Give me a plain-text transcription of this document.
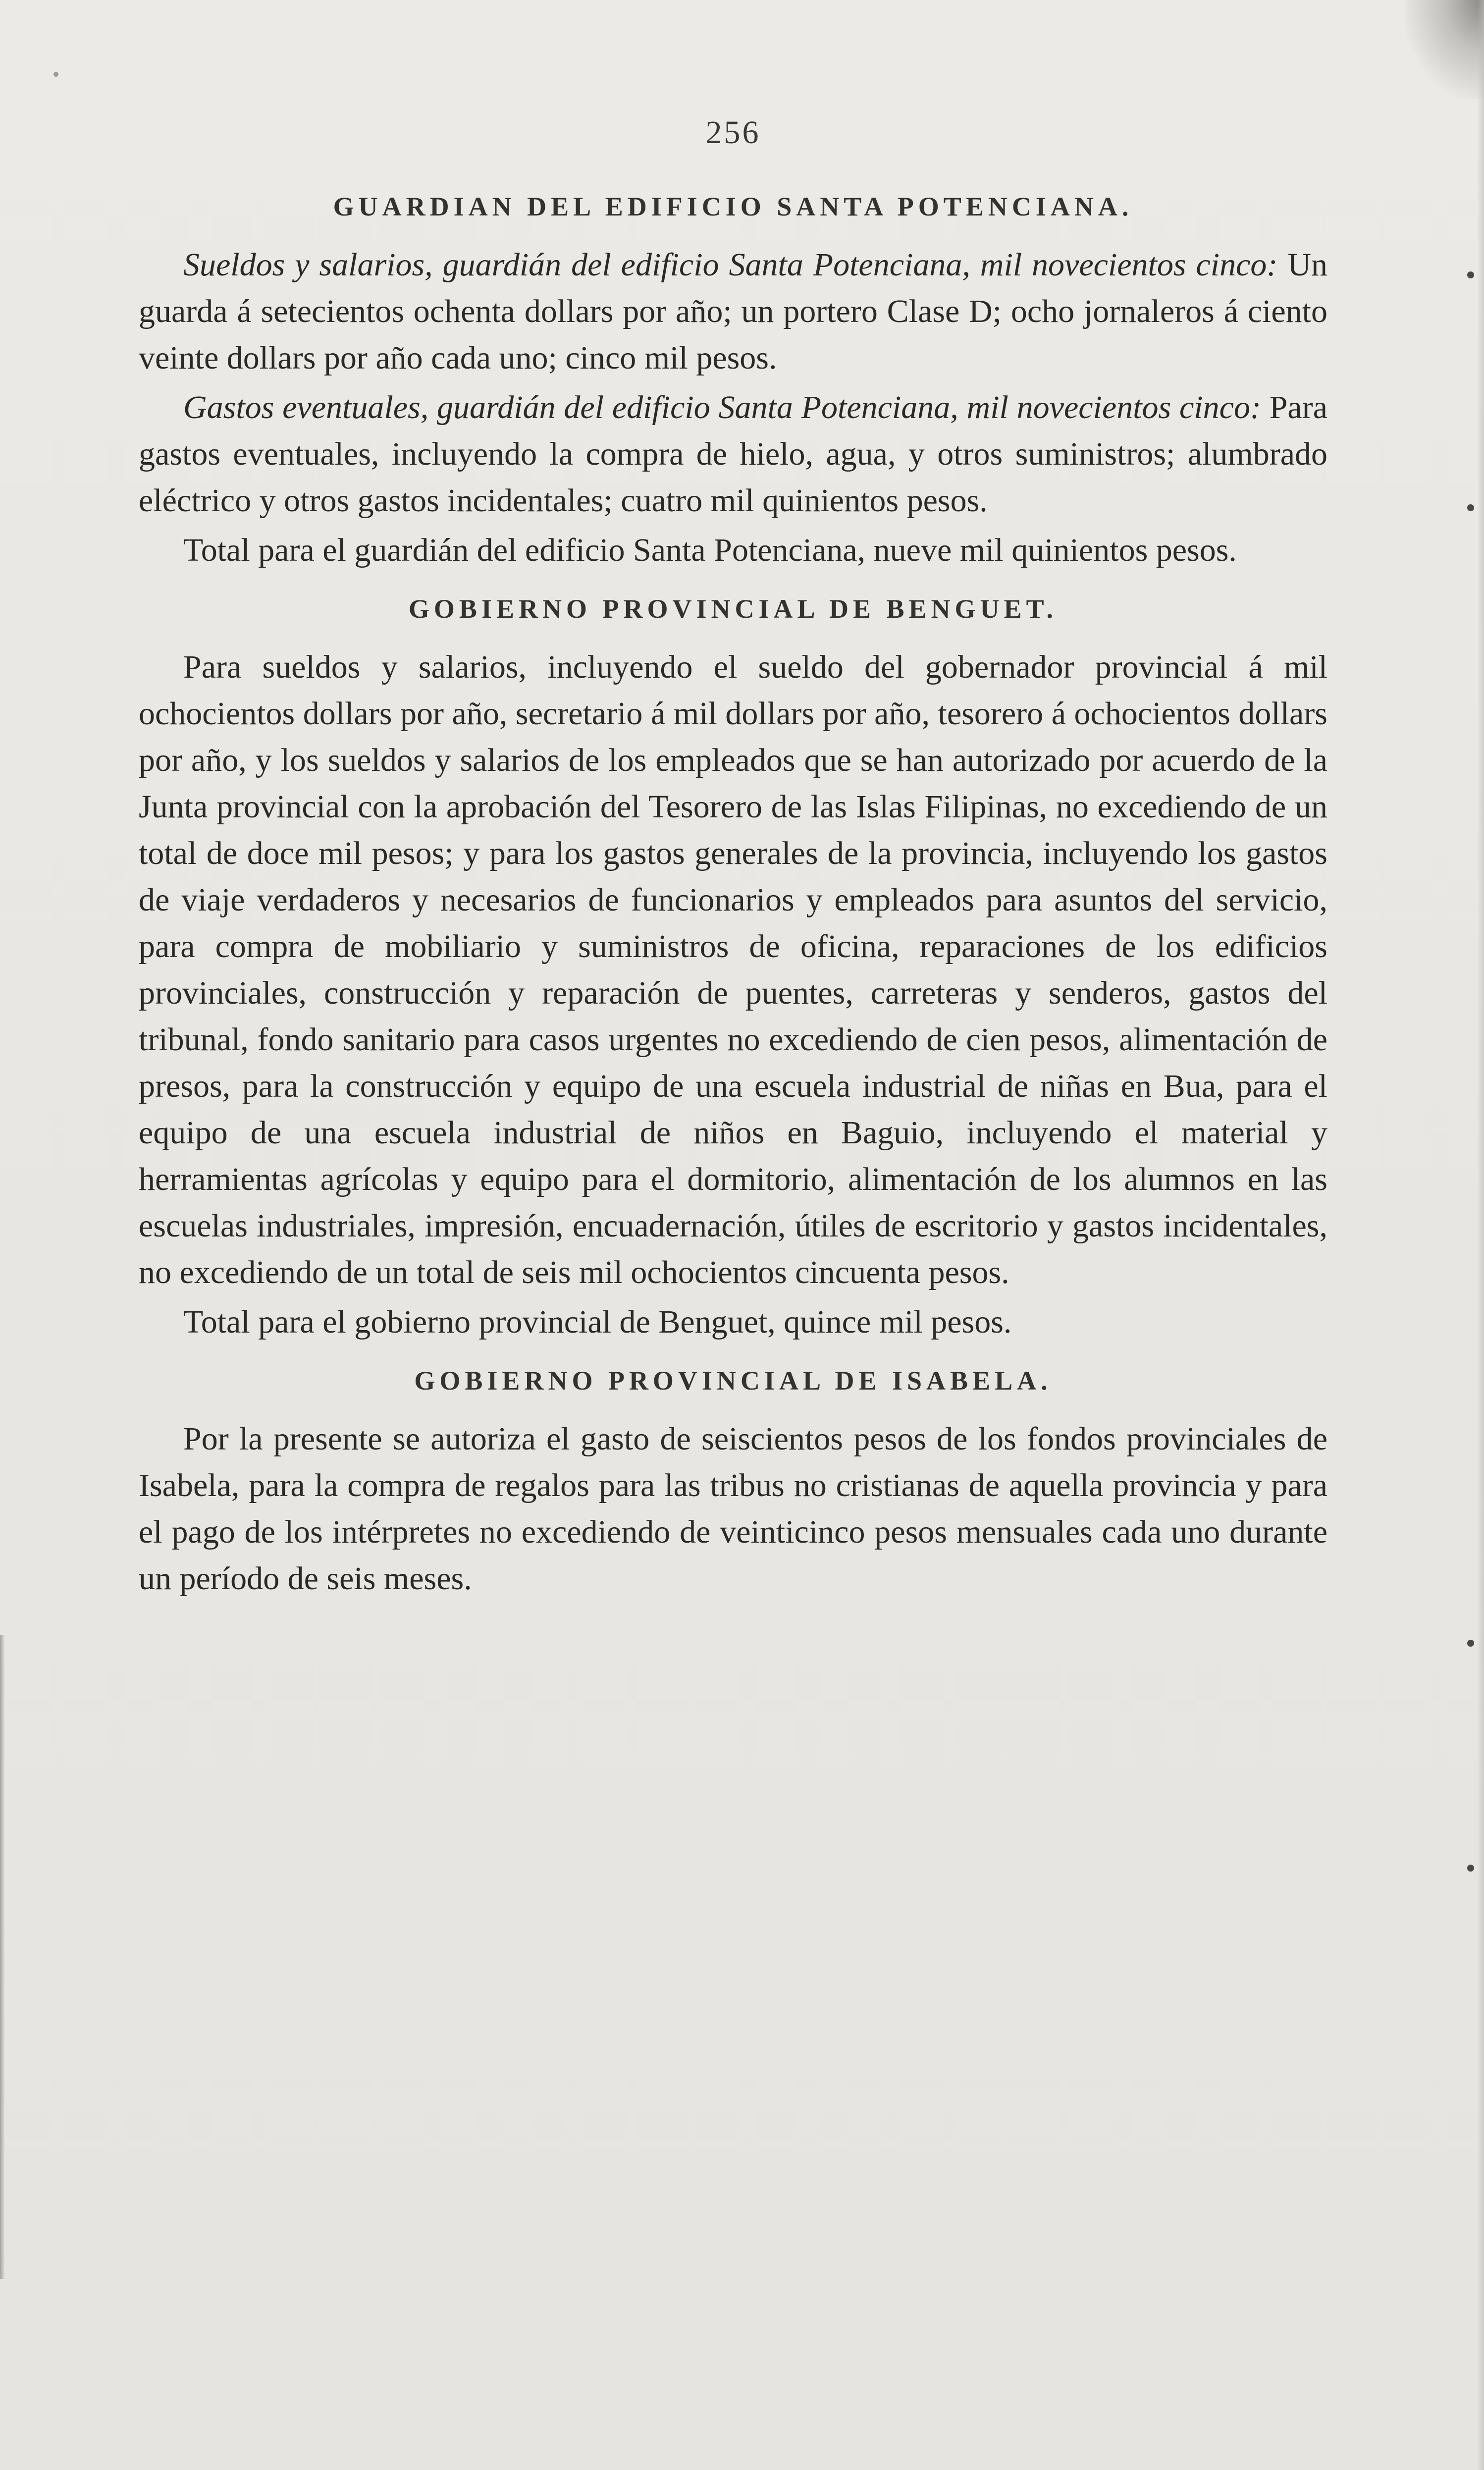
256
GUARDIAN DEL EDIFICIO SANTA POTENCIANA.

Sueldos y salarios, guardián del edificio Santa Potenciana, mil novecientos cinco: Un guarda á setecientos ochenta dollars por año; un portero Clase D; ocho jornaleros á ciento veinte dollars por año cada uno; cinco mil pesos.

Gastos eventuales, guardián del edificio Santa Potenciana, mil novecientos cinco: Para gastos eventuales, incluyendo la compra de hielo, agua, y otros suministros; alumbrado eléctrico y otros gastos incidentales; cuatro mil quinientos pesos.

Total para el guardián del edificio Santa Potenciana, nueve mil quinientos pesos.

GOBIERNO PROVINCIAL DE BENGUET.

Para sueldos y salarios, incluyendo el sueldo del gobernador provincial á mil ochocientos dollars por año, secretario á mil dollars por año, tesorero á ochocientos dollars por año, y los sueldos y salarios de los empleados que se han autorizado por acuerdo de la Junta provincial con la aprobación del Tesorero de las Islas Filipinas, no excediendo de un total de doce mil pesos; y para los gastos generales de la provincia, incluyendo los gastos de viaje verdaderos y necesarios de funcionarios y empleados para asuntos del servicio, para compra de mobiliario y suministros de oficina, reparaciones de los edificios provinciales, construcción y reparación de puentes, carreteras y senderos, gastos del tribunal, fondo sanitario para casos urgentes no excediendo de cien pesos, alimentación de presos, para la construcción y equipo de una escuela industrial de niñas en Bua, para el equipo de una escuela industrial de niños en Baguio, incluyendo el material y herramientas agrícolas y equipo para el dormitorio, alimentación de los alumnos en las escuelas industriales, impresión, encuadernación, útiles de escritorio y gastos incidentales, no excediendo de un total de seis mil ochocientos cincuenta pesos.

Total para el gobierno provincial de Benguet, quince mil pesos.

GOBIERNO PROVINCIAL DE ISABELA.

Por la presente se autoriza el gasto de seiscientos pesos de los fondos provinciales de Isabela, para la compra de regalos para las tribus no cristianas de aquella provincia y para el pago de los intérpretes no excediendo de veinticinco pesos mensuales cada uno durante un período de seis meses.
